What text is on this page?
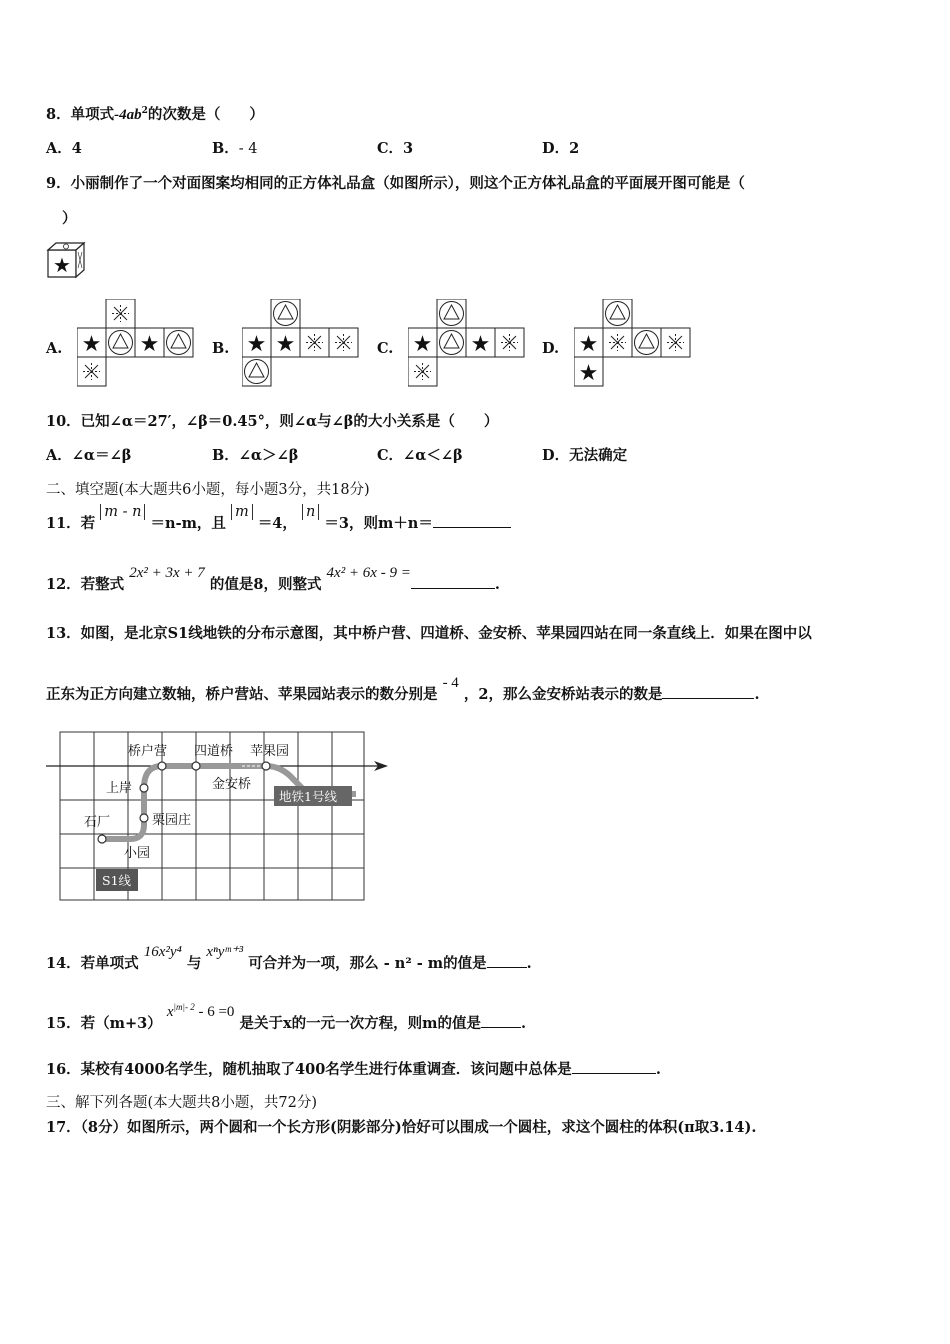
8．单项式$-4ab^2$的次数是（　　）
A．4	B．- 4	C．3	D．2
9．小丽制作了一个对面图案均相同的正方体礼品盒（如图所示），则这个正方体礼品盒的平面展开图可能是（
）
★
A.	B.	C.	D.
10．已知∠α＝27′，∠β＝0.45°，则∠α与∠β的大小关系是（　　）
A．∠α＝∠β	B．∠α＞∠β	C．∠α＜∠β	D．无法确定
二、填空题(本大题共6小题，每小题3分，共18分)
11．若 m - n ＝n-m，且 m ＝4， n ＝3，则m＋n＝
12．若整式 2x² + 3x + 7 的值是8，则整式 4x² + 6x - 9 =.
13．如图，是北京S1线地铁的分布示意图，其中桥户营、四道桥、金安桥、苹果园四站在同一条直线上．如果在图中以
正东为正方向建立数轴，桥户营站、苹果园站表示的数分别是 - 4 ，2，那么金安桥站表示的数是	.
桥户营 四道桥 苹果园
上岸	金安桥
栗园庄
石厂
小园
地铁1号线
S1线
14．若单项式 16x²y⁴ 与 xⁿyᵐ⁺³ 可合并为一项，那么 - n² - m的值是	.
15．若（m+3） $x^{|m|- 2} - 6 =0$ 是关于x的一元一次方程，则m的值是	.
16．某校有4000名学生，随机抽取了400名学生进行体重调查．该问题中总体是	.
三、解下列各题(本大题共8小题，共72分)
17．（8分）如图所示，两个圆和一个长方形(阴影部分)恰好可以围成一个圆柱，求这个圆柱的体积(π取3.14).
